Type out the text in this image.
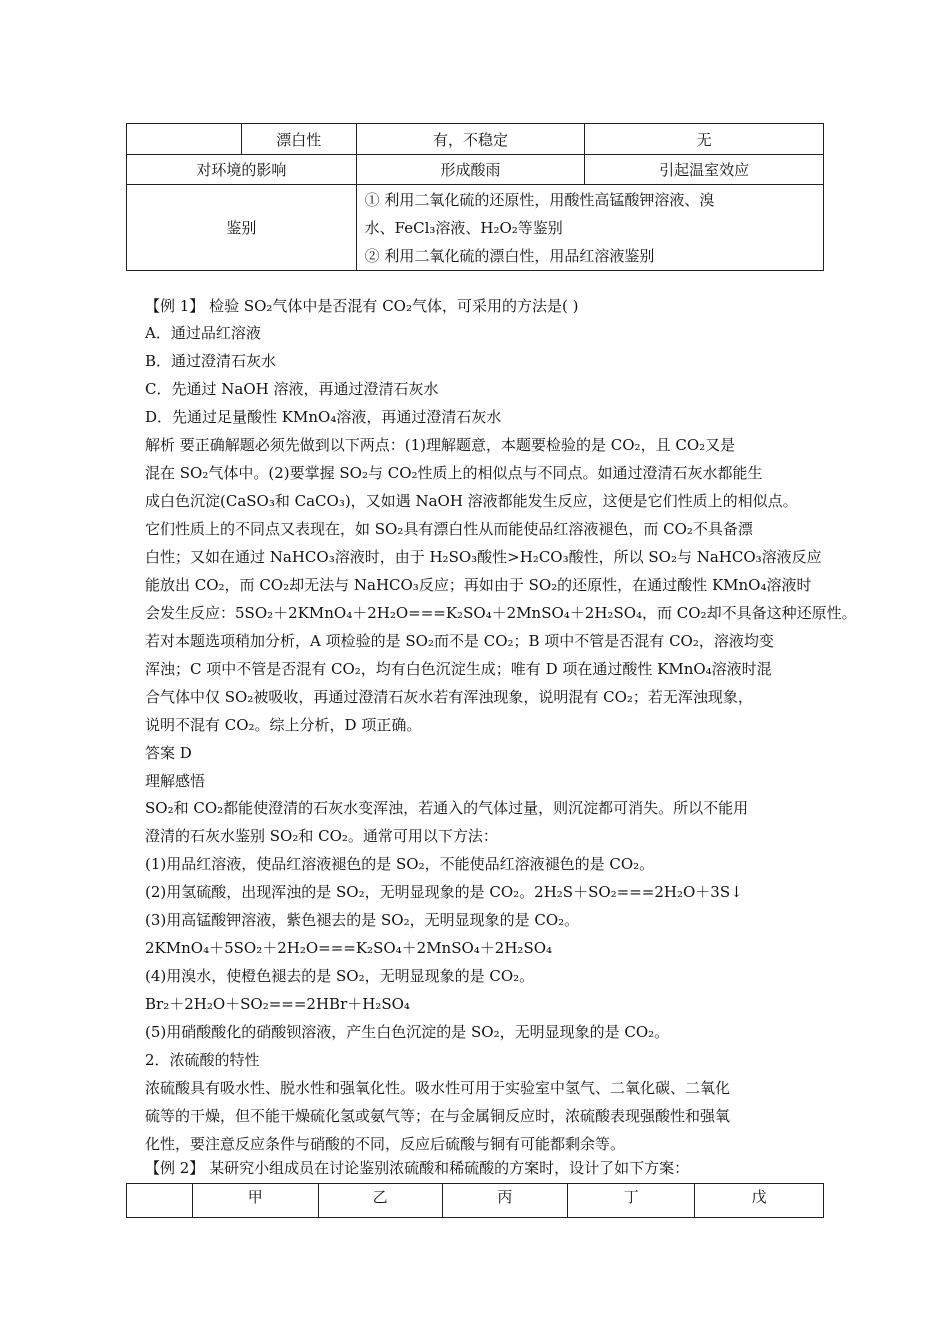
	漂白性	有，不稳定	无
对环境的影响		形成酸雨	引起温室效应
鉴别		① 利用二氧化硫的还原性，用酸性高锰酸钾溶液、溴
水、FeCl₃溶液、H₂O₂等鉴别
② 利用二氧化硫的漂白性，用品红溶液鉴别	
【例 1】 检验 SO₂气体中是否混有 CO₂气体，可采用的方法是( )
A．通过品红溶液
B．通过澄清石灰水
C．先通过 NaOH 溶液，再通过澄清石灰水
D．先通过足量酸性 KMnO₄溶液，再通过澄清石灰水
解析 要正确解题必须先做到以下两点：(1)理解题意，本题要检验的是 CO₂，且 CO₂又是
混在 SO₂气体中。(2)要掌握 SO₂与 CO₂性质上的相似点与不同点。如通过澄清石灰水都能生
成白色沉淀(CaSO₃和 CaCO₃)，又如遇 NaOH 溶液都能发生反应，这便是它们性质上的相似点。
它们性质上的不同点又表现在，如 SO₂具有漂白性从而能使品红溶液褪色，而 CO₂不具备漂
白性；又如在通过 NaHCO₃溶液时，由于 H₂SO₃酸性>H₂CO₃酸性，所以 SO₂与 NaHCO₃溶液反应
能放出 CO₂，而 CO₂却无法与 NaHCO₃反应；再如由于 SO₂的还原性，在通过酸性 KMnO₄溶液时
会发生反应：5SO₂＋2KMnO₄＋2H₂O===K₂SO₄＋2MnSO₄＋2H₂SO₄，而 CO₂却不具备这种还原性。
若对本题选项稍加分析，A 项检验的是 SO₂而不是 CO₂；B 项中不管是否混有 CO₂，溶液均变
浑浊；C 项中不管是否混有 CO₂，均有白色沉淀生成；唯有 D 项在通过酸性 KMnO₄溶液时混
合气体中仅 SO₂被吸收，再通过澄清石灰水若有浑浊现象，说明混有 CO₂；若无浑浊现象，
说明不混有 CO₂。综上分析，D 项正确。
答案 D
理解感悟
SO₂和 CO₂都能使澄清的石灰水变浑浊，若通入的气体过量，则沉淀都可消失。所以不能用
澄清的石灰水鉴别 SO₂和 CO₂。通常可用以下方法：
(1)用品红溶液，使品红溶液褪色的是 SO₂，不能使品红溶液褪色的是 CO₂。
(2)用氢硫酸，出现浑浊的是 SO₂，无明显现象的是 CO₂。2H₂S＋SO₂===2H₂O＋3S↓
(3)用高锰酸钾溶液，紫色褪去的是 SO₂，无明显现象的是 CO₂。
2KMnO₄＋5SO₂＋2H₂O===K₂SO₄＋2MnSO₄＋2H₂SO₄
(4)用溴水，使橙色褪去的是 SO₂，无明显现象的是 CO₂。
Br₂＋2H₂O＋SO₂===2HBr＋H₂SO₄
(5)用硝酸酸化的硝酸钡溶液，产生白色沉淀的是 SO₂，无明显现象的是 CO₂。
2．浓硫酸的特性
浓硫酸具有吸水性、脱水性和强氧化性。吸水性可用于实验室中氢气、二氧化碳、二氧化
硫等的干燥，但不能干燥硫化氢或氨气等；在与金属铜反应时，浓硫酸表现强酸性和强氧
化性，要注意反应条件与硝酸的不同，反应后硫酸与铜有可能都剩余等。
【例 2】 某研究小组成员在讨论鉴别浓硫酸和稀硫酸的方案时，设计了如下方案：
	甲	乙	丙	丁	戊
